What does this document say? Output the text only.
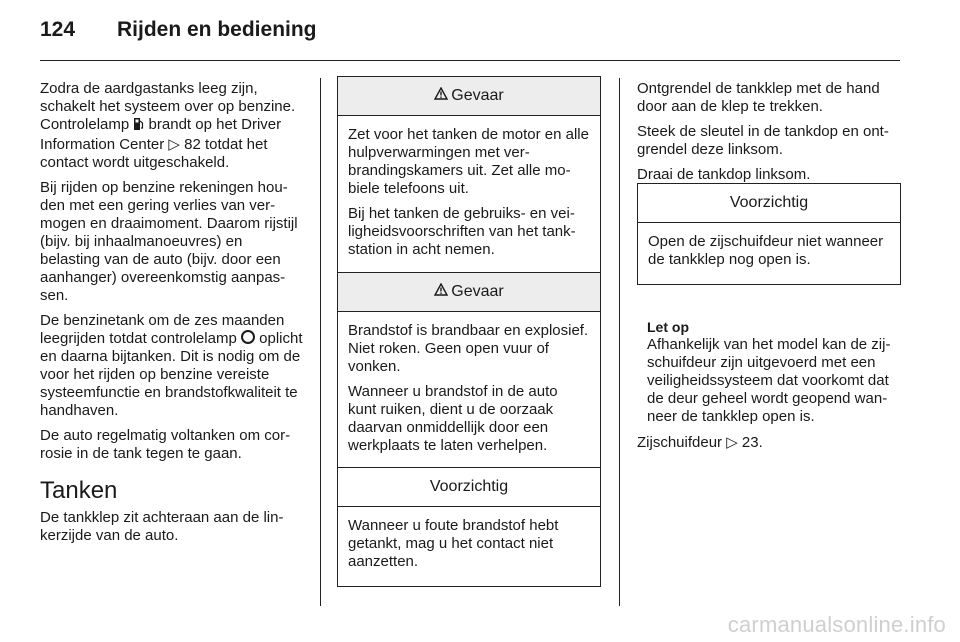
124 Rijden en bediening

Zodra de aardgastanks leeg zijn, schakelt het systeem over op benzine. Controlelamp  brandt op het Driver Information Center ▷ 82 totdat het contact wordt uitgeschakeld.

Bij rijden op benzine rekeningen houden met een gering verlies van vermogen en draaimoment. Daarom rijstijl (bijv. bij inhaalmanoeuvres) en belasting van de auto (bijv. door een aanhanger) overeenkomstig aanpassen.

De benzinetank om de zes maanden leegrijden totdat controlelamp  oplicht en daarna bijtanken. Dit is nodig om de voor het rijden op benzine vereiste systeemfunctie en brandstofkwaliteit te handhaven.

De auto regelmatig voltanken om corrosie in de tank tegen te gaan.

Tanken

De tankklep zit achteraan aan de linkerzijde van de auto.

Gevaar

Zet voor het tanken de motor en alle hulpverwarmingen met verbrandingskamers uit. Zet alle mobiele telefoons uit.

Bij het tanken de gebruiks- en veiligheidsvoorschriften van het tankstation in acht nemen.

Gevaar

Brandstof is brandbaar en explosief. Niet roken. Geen open vuur of vonken.

Wanneer u brandstof in de auto kunt ruiken, dient u de oorzaak daarvan onmiddellijk door een werkplaats te laten verhelpen.

Voorzichtig

Wanneer u foute brandstof hebt getankt, mag u het contact niet aanzetten.

Ontgrendel de tankklep met de hand door aan de klep te trekken.

Steek de sleutel in de tankdop en ontgrendel deze linksom.

Draai de tankdop linksom.

Let op
Afhankelijk van het model kan de zijschuifdeur zijn uitgevoerd met een veiligheidssysteem dat voorkomt dat de deur geheel wordt geopend wanneer de tankklep open is.

Zijschuifdeur ▷ 23.

Voorzichtig

Open de zijschuifdeur niet wanneer de tankklep nog open is.

carmanualsonline.info
